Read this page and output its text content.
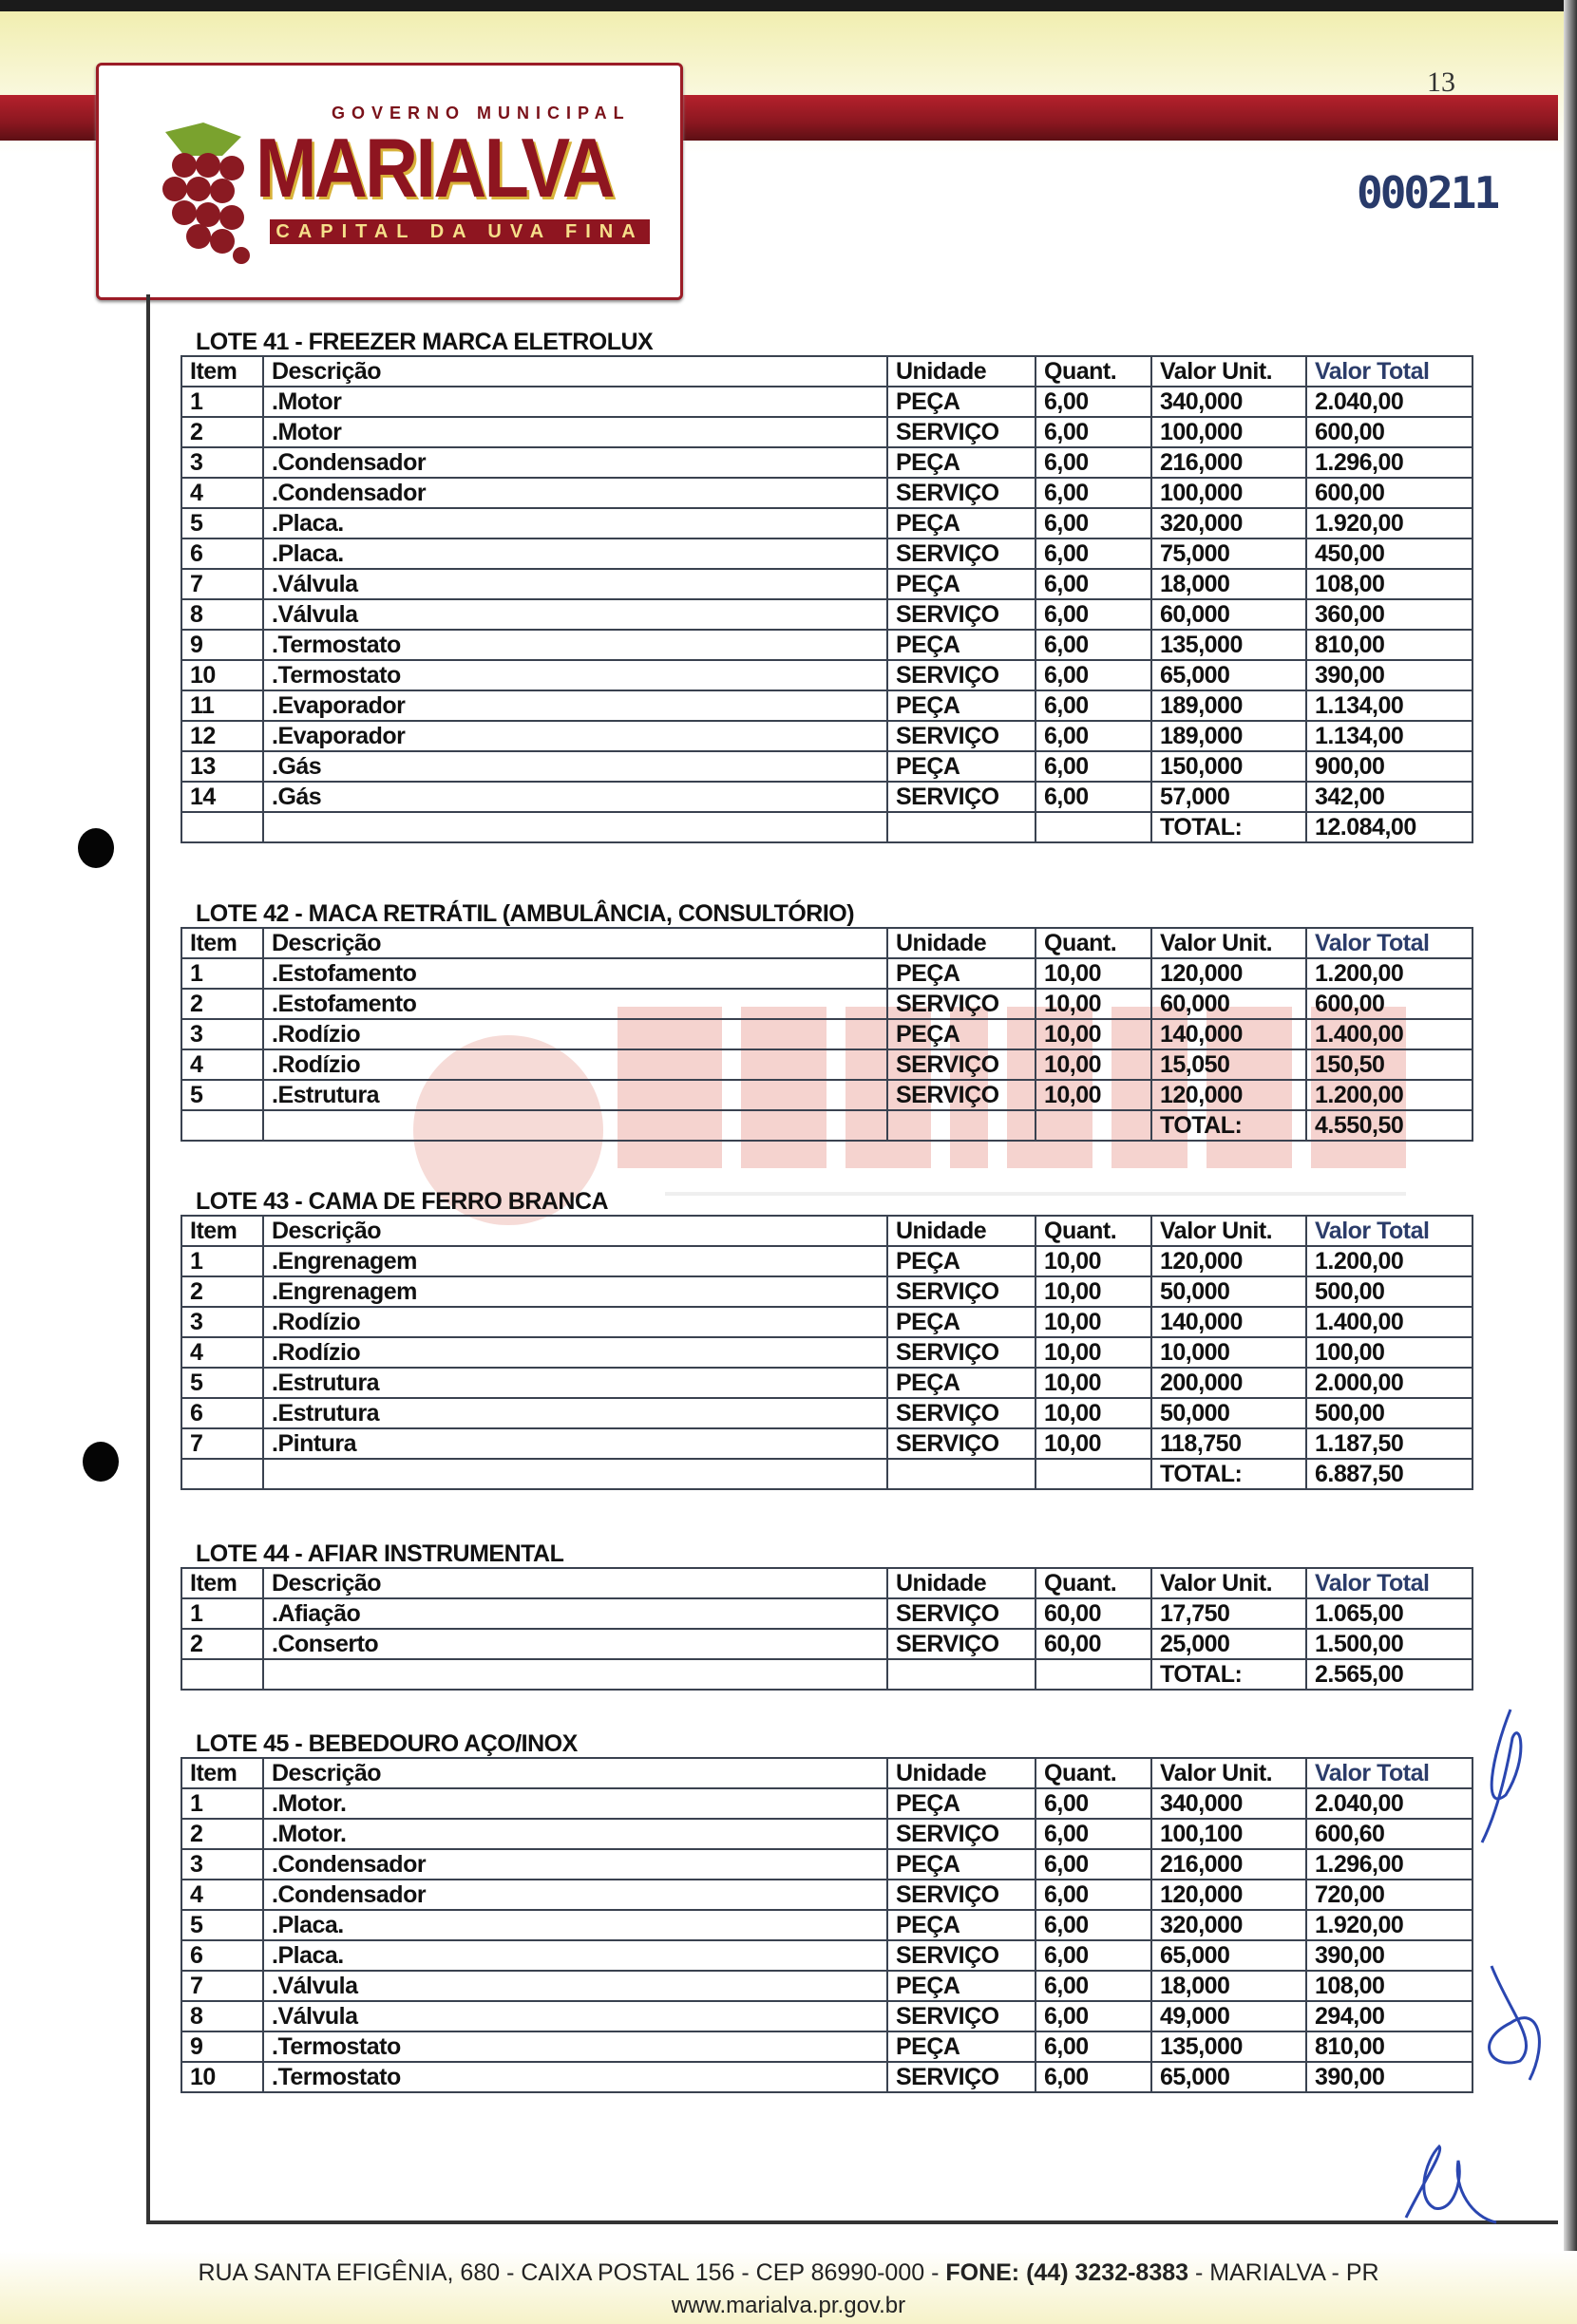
GOVERNO MUNICIPAL
MARIALVA
CAPITAL DA UVA FINA
13
000211
LOTE 41 - FREEZER MARCA ELETROLUX
Item	Descrição	Unidade	Quant.	Valor Unit.	Valor Total
1	.Motor	PEÇA	6,00	340,000	2.040,00
2	.Motor	SERVIÇO	6,00	100,000	600,00
3	.Condensador	PEÇA	6,00	216,000	1.296,00
4	.Condensador	SERVIÇO	6,00	100,000	600,00
5	.Placa.	PEÇA	6,00	320,000	1.920,00
6	.Placa.	SERVIÇO	6,00	75,000	450,00
7	.Válvula	PEÇA	6,00	18,000	108,00
8	.Válvula	SERVIÇO	6,00	60,000	360,00
9	.Termostato	PEÇA	6,00	135,000	810,00
10	.Termostato	SERVIÇO	6,00	65,000	390,00
11	.Evaporador	PEÇA	6,00	189,000	1.134,00
12	.Evaporador	SERVIÇO	6,00	189,000	1.134,00
13	.Gás	PEÇA	6,00	150,000	900,00
14	.Gás	SERVIÇO	6,00	57,000	342,00
				TOTAL:	12.084,00
LOTE 42 - MACA RETRÁTIL (AMBULÂNCIA, CONSULTÓRIO)
Item	Descrição	Unidade	Quant.	Valor Unit.	Valor Total
1	.Estofamento	PEÇA	10,00	120,000	1.200,00
2	.Estofamento	SERVIÇO	10,00	60,000	600,00
3	.Rodízio	PEÇA	10,00	140,000	1.400,00
4	.Rodízio	SERVIÇO	10,00	15,050	150,50
5	.Estrutura	SERVIÇO	10,00	120,000	1.200,00
				TOTAL:	4.550,50
LOTE 43 - CAMA DE FERRO BRANCA
Item	Descrição	Unidade	Quant.	Valor Unit.	Valor Total
1	.Engrenagem	PEÇA	10,00	120,000	1.200,00
2	.Engrenagem	SERVIÇO	10,00	50,000	500,00
3	.Rodízio	PEÇA	10,00	140,000	1.400,00
4	.Rodízio	SERVIÇO	10,00	10,000	100,00
5	.Estrutura	PEÇA	10,00	200,000	2.000,00
6	.Estrutura	SERVIÇO	10,00	50,000	500,00
7	.Pintura	SERVIÇO	10,00	118,750	1.187,50
				TOTAL:	6.887,50
LOTE 44 - AFIAR INSTRUMENTAL
Item	Descrição	Unidade	Quant.	Valor Unit.	Valor Total
1	.Afiação	SERVIÇO	60,00	17,750	1.065,00
2	.Conserto	SERVIÇO	60,00	25,000	1.500,00
				TOTAL:	2.565,00
LOTE 45 - BEBEDOURO AÇO/INOX
Item	Descrição	Unidade	Quant.	Valor Unit.	Valor Total
1	.Motor.	PEÇA	6,00	340,000	2.040,00
2	.Motor.	SERVIÇO	6,00	100,100	600,60
3	.Condensador	PEÇA	6,00	216,000	1.296,00
4	.Condensador	SERVIÇO	6,00	120,000	720,00
5	.Placa.	PEÇA	6,00	320,000	1.920,00
6	.Placa.	SERVIÇO	6,00	65,000	390,00
7	.Válvula	PEÇA	6,00	18,000	108,00
8	.Válvula	SERVIÇO	6,00	49,000	294,00
9	.Termostato	PEÇA	6,00	135,000	810,00
10	.Termostato	SERVIÇO	6,00	65,000	390,00
RUA SANTA EFIGÊNIA, 680 - CAIXA POSTAL 156 - CEP 86990-000 - FONE: (44) 3232-8383 - MARIALVA - PR
www.marialva.pr.gov.br
